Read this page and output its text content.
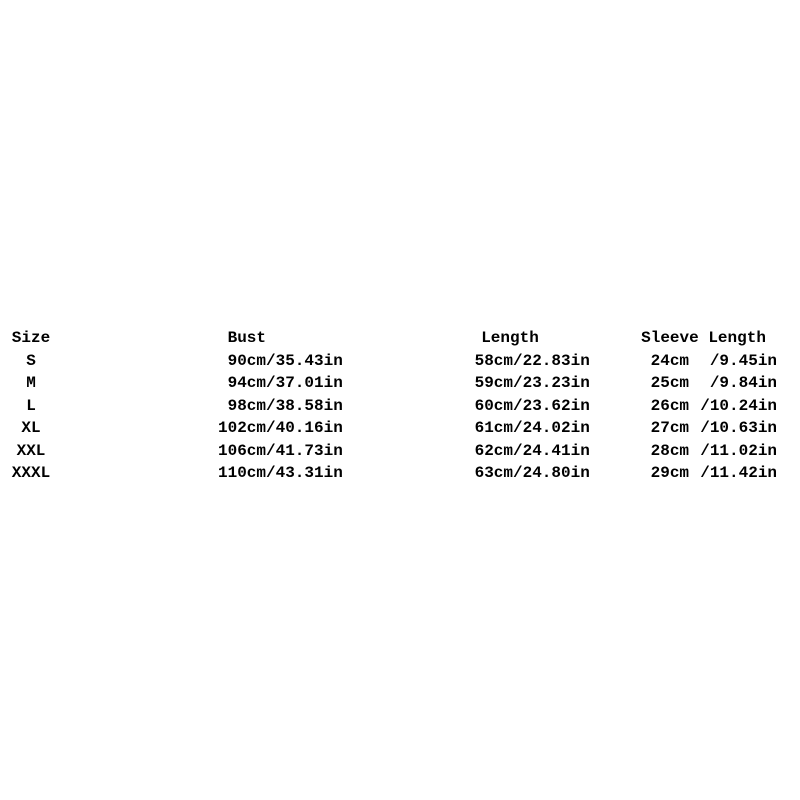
Size	Bust		Length		Sleeve Length		
S	90cm	/35.43in	58cm	/22.83in	24cm	/9.45in	
M	94cm	/37.01in	59cm	/23.23in	25cm	/9.84in	
L	98cm	/38.58in	60cm	/23.62in	26cm	/10.24in	
XL	102cm	/40.16in	61cm	/24.02in	27cm	/10.63in	
XXL	106cm	/41.73in	62cm	/24.41in	28cm	/11.02in	
XXXL	110cm	/43.31in	63cm	/24.80in	29cm	/11.42in	
